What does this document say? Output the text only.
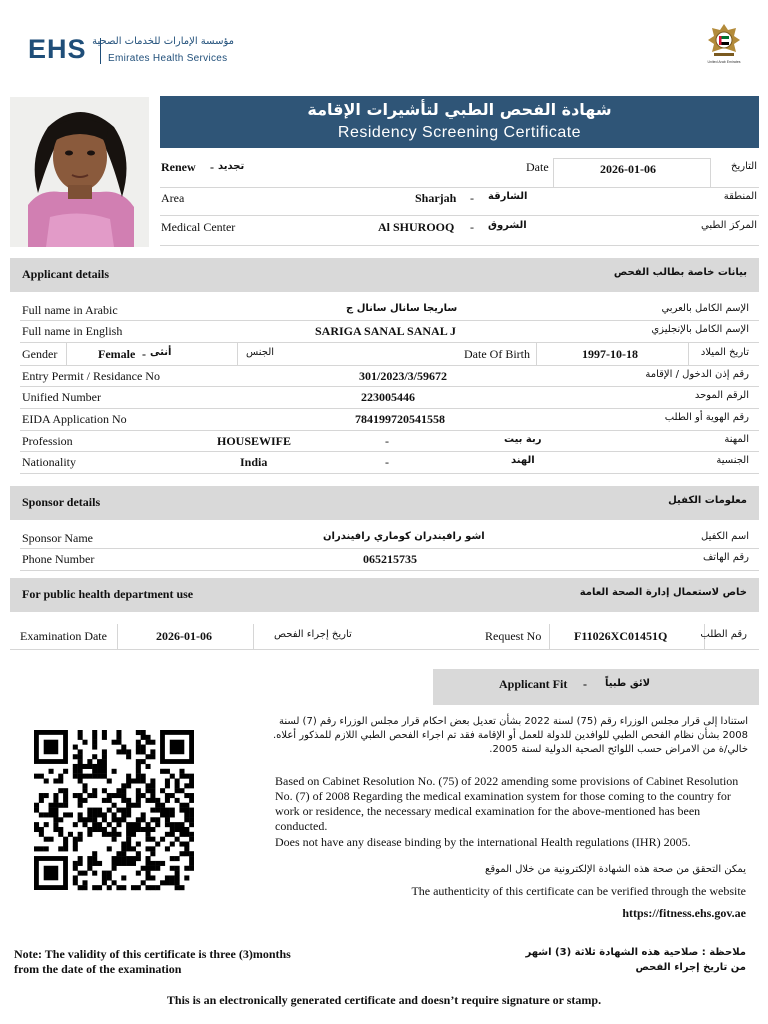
EHS مؤسسة الإمارات للخدمات الصحية
Emirates Health Services	United Arab Emirates
شهادة الفحص الطبي لتأشيرات الإقامة
Residency Screening Certificate
Renew - تجديد	Date	2026-01-06	التاريخ
Area	Sharjah - الشارقة	المنطقة
Medical Center	Al SHUROOQ - الشروق	المركز الطبي
Applicant details	بيانات خاصة بطالب الفحص
Full name in Arabic	ساريجا سانال سانال ج	الإسم الكامل بالعربي
Full name in English	SARIGA SANAL SANAL J	الإسم الكامل بالإنجليزي
Gender	Female - أنثى	الجنس	Date Of Birth	1997-10-18	تاريخ الميلاد
Entry Permit / Residance No	301/2023/3/59672	رقم إذن الدخول / الإقامة
Unified Number	223005446	الرقم الموحد
EIDA Application No	784199720541558	رقم الهوية أو الطلب
Profession	HOUSEWIFE	-	ربة بيت	المهنة
Nationality	India	-	الهند	الجنسية
Sponsor details	معلومات الكفيل
Sponsor Name	اشو رافيندران كوماري رافيندران	اسم الكفيل
Phone Number	065215735	رقم الهاتف
For public health department use	خاص لاستعمال إدارة الصحة العامة
Examination Date	2026-01-06	تاريخ إجراء الفحص	Request No	F11026XC01451Q	رقم الطلب
Applicant Fit - لائق طبياً
استنادا إلى قرار مجلس الوزراء رقم (75) لسنة 2022 بشأن تعديل بعض احكام قرار مجلس الوزراء رقم (7) لسنة 2008 بشأن نظام الفحص الطبي للوافدين للدولة للعمل أو الإقامة فقد تم اجراء الفحص الطبي اللازم للمذكور أعلاه. خالي/ة من الامراض حسب اللوائح الصحية الدولية لسنة 2005.
Based on Cabinet Resolution No. (75) of 2022 amending some provisions of Cabinet Resolution No. (7) of 2008 Regarding the medical examination system for those coming to the country for work or residence, the necessary medical examination for the above-mentioned has been conducted.
Does not have any disease binding by the international Health regulations (IHR) 2005.
يمكن التحقق من صحة هذه الشهادة الإلكترونية من خلال الموقع
The authenticity of this certificate can be verified through the website
https://fitness.ehs.gov.ae
Note: The validity of this certificate is three (3)months
from the date of the examination
ملاحظة : صلاحية هذه الشهادة ثلاثة (3) اشهر
من تاريخ إجراء الفحص
This is an electronically generated certificate and doesn’t require signature or stamp.
